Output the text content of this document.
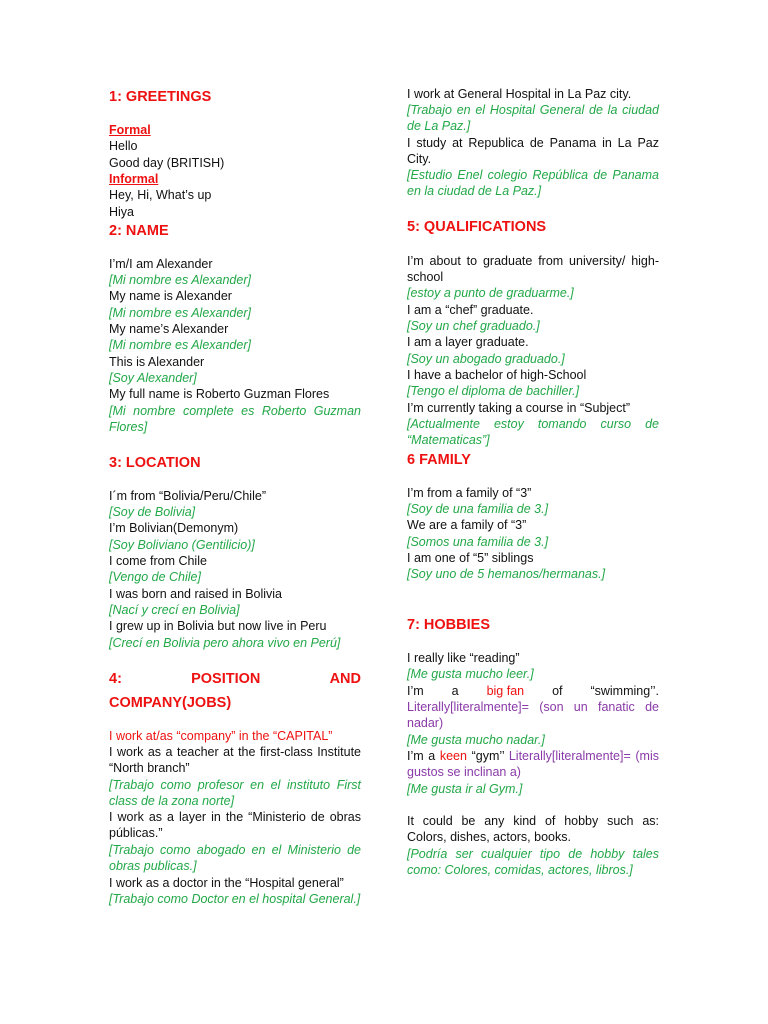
1: GREETINGS
Formal
Hello
Good day (BRITISH)
Informal
Hey, Hi, What’s up
Hiya
2: NAME
I’m/I am Alexander
[Mi nombre es Alexander]
My name is Alexander
[Mi nombre es Alexander]
My name’s Alexander
[Mi nombre es Alexander]
This is Alexander
[Soy Alexander]
My full name is Roberto Guzman Flores
[Mi nombre complete es Roberto Guzman Flores]
3: LOCATION
I´m from “Bolivia/Peru/Chile”
[Soy de Bolivia]
I’m Bolivian(Demonym)
[Soy Boliviano (Gentilicio)]
I come from Chile
[Vengo de Chile]
I was born and raised in Bolivia
[Nací y crecí en Bolivia]
I grew up in Bolivia but now live in Peru
[Crecí en Bolivia pero ahora vivo en Perú]
4:	POSITION	AND
COMPANY(JOBS)
I work at/as “company” in the “CAPITAL”
I work as a teacher at the first-class Institute “North branch”
[Trabajo como profesor en el instituto First class de la zona norte]
I work as a layer in the “Ministerio de obras públicas.”
[Trabajo como abogado en el Ministerio de obras publicas.]
I work as a doctor in the “Hospital general”
[Trabajo como Doctor en el hospital General.]
I work at General Hospital in La Paz city.
[Trabajo en el Hospital General de la ciudad de La Paz.]
I study at Republica de Panama in La Paz City.
[Estudio Enel colegio República de Panama en la ciudad de La Paz.]
5: QUALIFICATIONS
I’m about to graduate from university/ high-school
[estoy a punto de graduarme.]
I am a “chef” graduate.
[Soy un chef graduado.]
I am a layer graduate.
[Soy un abogado graduado.]
I have a bachelor of high-School
[Tengo el diploma de bachiller.]
I’m currently taking a course in “Subject”
[Actualmente estoy tomando curso de “Matematicas”]
6 FAMILY
I’m from a family of “3”
[Soy de una familia de 3.]
We are a family of “3”
[Somos una familia de 3.]
I am one of “5” siblings
[Soy uno de 5 hemanos/hermanas.]
7: HOBBIES
I really like “reading”
[Me gusta mucho leer.]
I’m a big fan of “swimming’’.
Literally[literalmente]= (son un fanatic de nadar)
[Me gusta mucho nadar.]
I’m a keen “gym’’ Literally[literalmente]= (mis gustos se inclinan a)
[Me gusta ir al Gym.]
It could be any kind of hobby such as: Colors, dishes, actors, books.
[Podría ser cualquier tipo de hobby tales como: Colores, comidas, actores, libros.]
